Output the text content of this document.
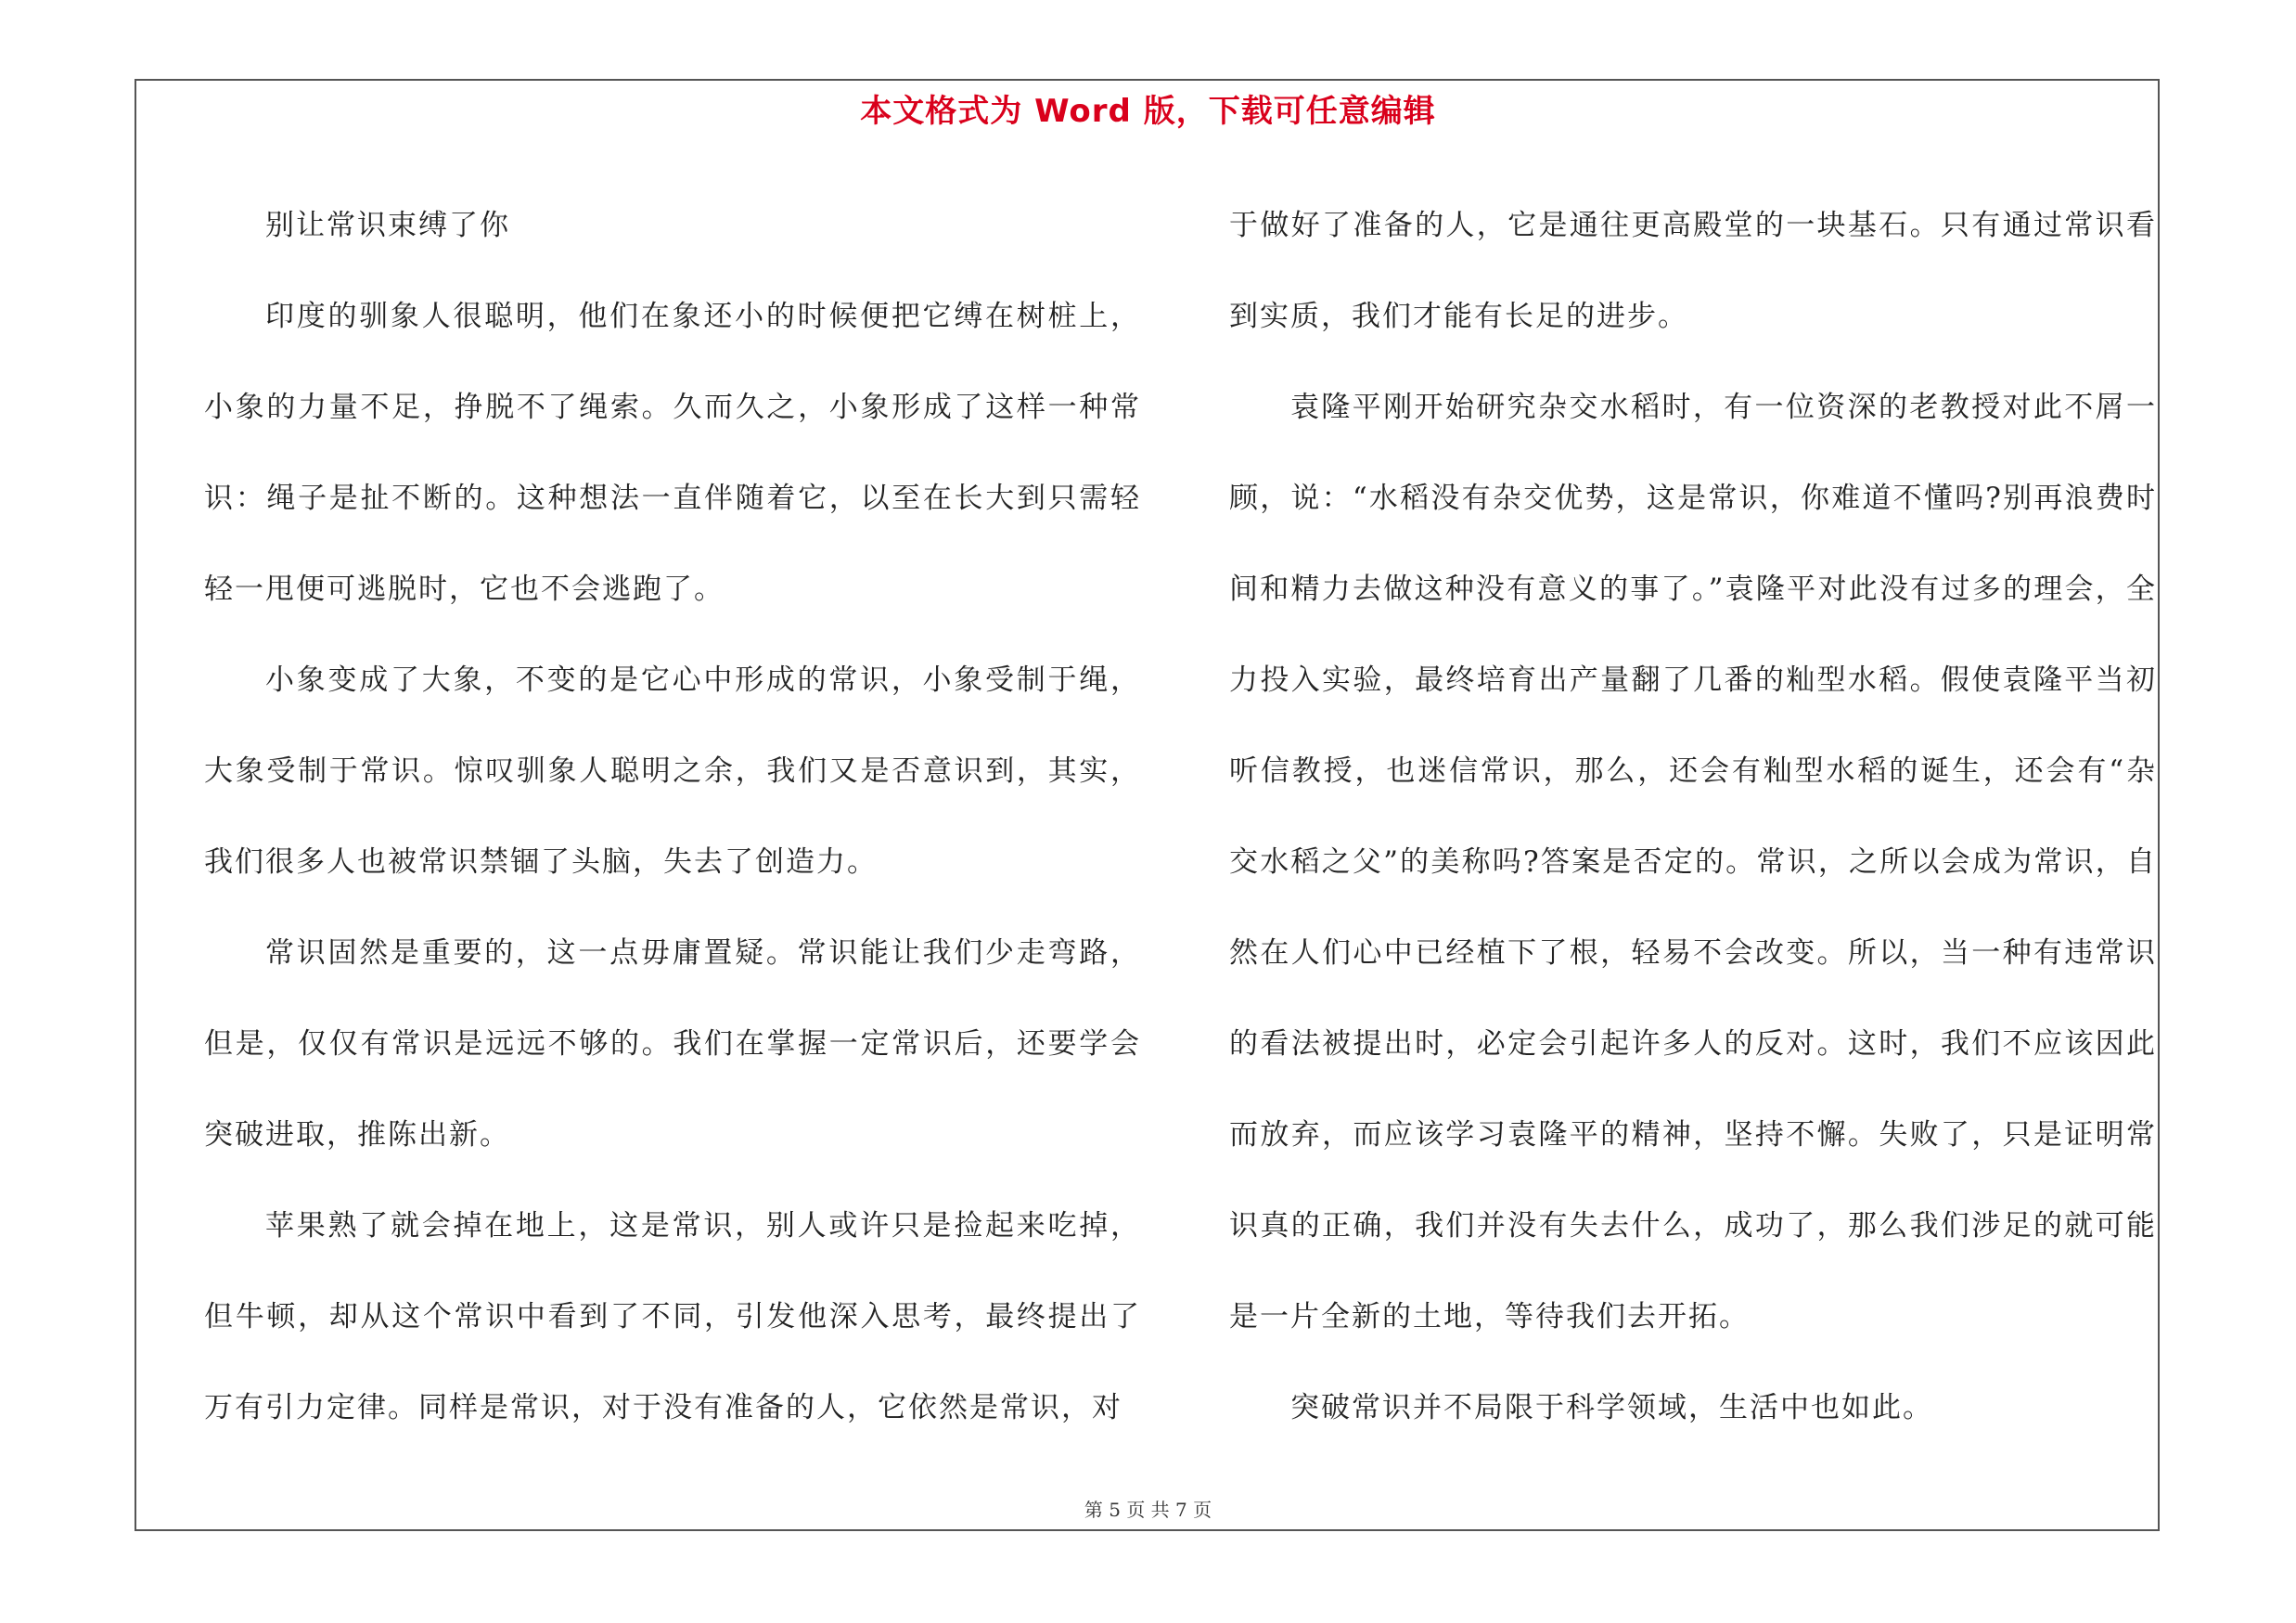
本文格式为 Word 版，下载可任意编辑

别让常识束缚了你

印度的驯象人很聪明，他们在象还小的时候便把它缚在树桩上，小象的力量不足，挣脱不了绳索。久而久之，小象形成了这样一种常识：绳子是扯不断的。这种想法一直伴随着它，以至在长大到只需轻轻一甩便可逃脱时，它也不会逃跑了。

小象变成了大象，不变的是它心中形成的常识，小象受制于绳，大象受制于常识。惊叹驯象人聪明之余，我们又是否意识到，其实，我们很多人也被常识禁锢了头脑，失去了创造力。

常识固然是重要的，这一点毋庸置疑。常识能让我们少走弯路，但是，仅仅有常识是远远不够的。我们在掌握一定常识后，还要学会突破进取，推陈出新。

苹果熟了就会掉在地上，这是常识，别人或许只是捡起来吃掉，但牛顿，却从这个常识中看到了不同，引发他深入思考，最终提出了万有引力定律。同样是常识，对于没有准备的人，它依然是常识，对

于做好了准备的人，它是通往更高殿堂的一块基石。只有通过常识看到实质，我们才能有长足的进步。

袁隆平刚开始研究杂交水稻时，有一位资深的老教授对此不屑一顾，说：“水稻没有杂交优势，这是常识，你难道不懂吗?别再浪费时间和精力去做这种没有意义的事了。”袁隆平对此没有过多的理会，全力投入实验，最终培育出产量翻了几番的籼型水稻。假使袁隆平当初听信教授，也迷信常识，那么，还会有籼型水稻的诞生，还会有“杂交水稻之父”的美称吗?答案是否定的。常识，之所以会成为常识，自然在人们心中已经植下了根，轻易不会改变。所以，当一种有违常识的看法被提出时，必定会引起许多人的反对。这时，我们不应该因此而放弃，而应该学习袁隆平的精神，坚持不懈。失败了，只是证明常识真的正确，我们并没有失去什么，成功了，那么我们涉足的就可能是一片全新的土地，等待我们去开拓。

突破常识并不局限于科学领域，生活中也如此。

第 5 页 共 7 页
